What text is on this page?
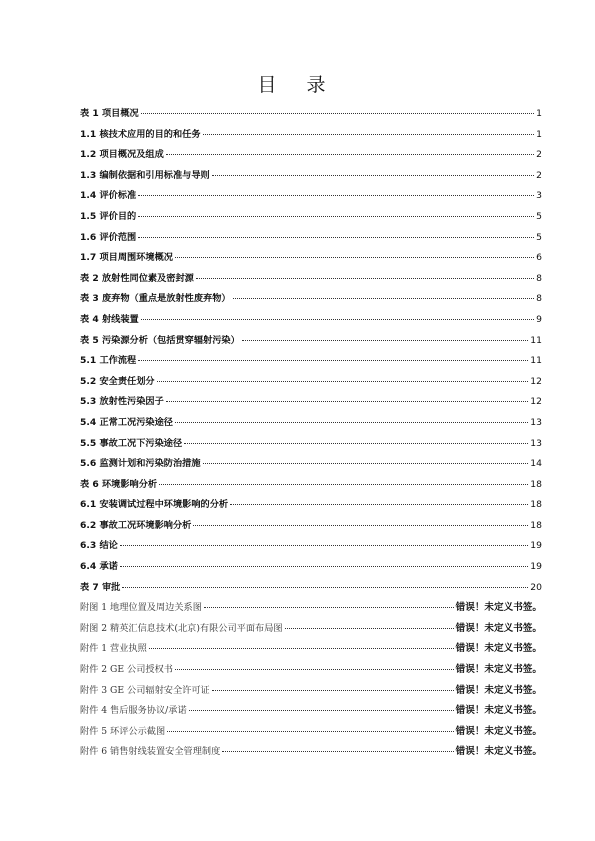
目 录
表 1 项目概况	1
1.1 核技术应用的目的和任务	1
1.2 项目概况及组成	2
1.3 编制依据和引用标准与导则	2
1.4 评价标准	3
1.5 评价目的	5
1.6 评价范围	5
1.7 项目周围环境概况	6
表 2 放射性同位素及密封源	8
表 3 废弃物（重点是放射性废弃物）	8
表 4 射线装置	9
表 5 污染源分析（包括贯穿辐射污染）	11
5.1 工作流程	11
5.2 安全责任划分	12
5.3 放射性污染因子	12
5.4 正常工况污染途径	13
5.5 事故工况下污染途径	13
5.6 监测计划和污染防治措施	14
表 6 环境影响分析	18
6.1 安装调试过程中环境影响的分析	18
6.2 事故工况环境影响分析	18
6.3 结论	19
6.4 承诺	19
表 7 审批	20
附图 1 地理位置及周边关系图	错误！未定义书签。
附图 2 精英汇信息技术(北京)有限公司平面布局图	错误！未定义书签。
附件 1 营业执照	错误！未定义书签。
附件 2 GE 公司授权书	错误！未定义书签。
附件 3 GE 公司辐射安全许可证	错误！未定义书签。
附件 4 售后服务协议/承诺	错误！未定义书签。
附件 5 环评公示截图	错误！未定义书签。
附件 6 销售射线装置安全管理制度	错误！未定义书签。
